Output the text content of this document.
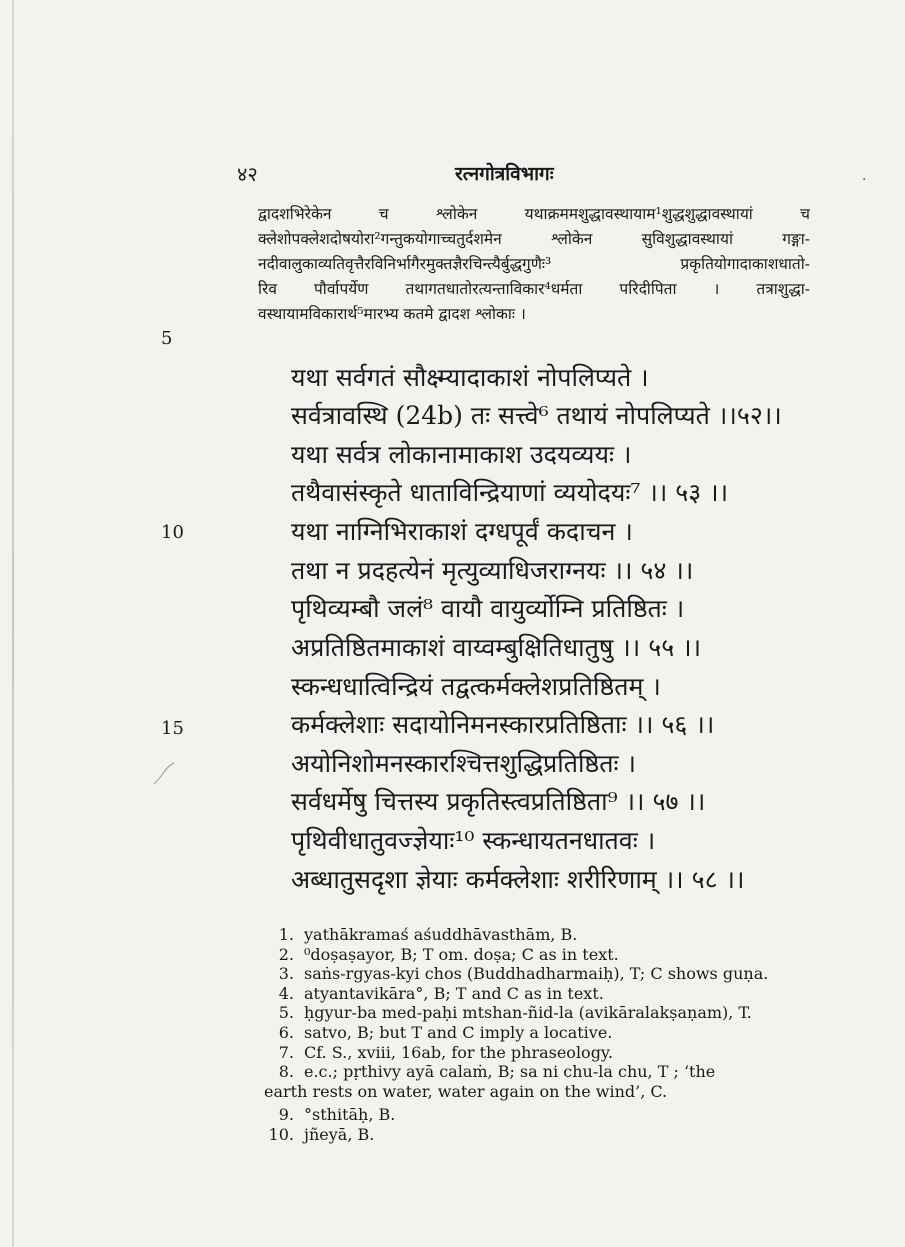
४२	रत्नगोत्रविभागः	·
द्वादशभिरेकेन च श्लोकेन यथाक्रममशुद्धावस्थायाम¹शुद्धशुद्धावस्थायां च
क्लेशोपक्लेशदोषयोरा²गन्तुकयोगाच्चतुर्दशमेन श्लोकेन सुविशुद्धावस्थायां गङ्गा-
नदीवालुकाव्यतिवृत्तैरविनिर्भागैरमुक्तज्ञैरचिन्त्यैर्बुद्धगुणैः³ प्रकृतियोगादाकाशधातो-
रिव पौर्वापर्येण तथागतधातोरत्यन्ताविकार⁴धर्मता परिदीपिता । तत्राशुद्धा-
वस्थायामविकारार्थ⁵मारभ्य कतमे द्वादश श्लोकाः ।
5
10
15
यथा सर्वगतं सौक्ष्म्यादाकाशं नोपलिप्यते ।
सर्वत्रावस्थि (24b) तः सत्त्वे⁶ तथायं नोपलिप्यते ।।५२।।
यथा सर्वत्र लोकानामाकाश उदयव्ययः ।
तथैवासंस्कृते धाताविन्द्रियाणां व्ययोदयः⁷ ।। ५३ ।।
यथा नाग्निभिराकाशं दग्धपूर्वं कदाचन ।
तथा न प्रदहत्येनं मृत्युव्याधिजराग्नयः ।। ५४ ।।
पृथिव्यम्बौ जलं⁸ वायौ वायुर्व्योम्नि प्रतिष्ठितः ।
अप्रतिष्ठितमाकाशं वाय्वम्बुक्षितिधातुषु ।। ५५ ।।
स्कन्धधात्विन्द्रियं तद्वत्कर्मक्लेशप्रतिष्ठितम् ।
कर्मक्लेशाः सदायोनिमनस्कारप्रतिष्ठिताः ।। ५६ ।।
अयोनिशोमनस्कारश्चित्तशुद्धिप्रतिष्ठितः ।
सर्वधर्मेषु चित्तस्य प्रकृतिस्त्वप्रतिष्ठिता⁹ ।। ५७ ।।
पृथिवीधातुवज्ज्ञेयाः¹⁰ स्कन्धायतनधातवः ।
अब्धातुसदृशा ज्ञेयाः कर्मक्लेशाः शरीरिणाम् ।। ५८ ।।
1. yathākramaś aśuddhāvasthām, B.
2. ⁰doṣaṣayor, B; T om. doṣa; C as in text.
3. saṅs-rgyas-kyi chos (Buddhadharmaiḥ), T; C shows guṇa.
4. atyantavikāra°, B; T and C as in text.
5. ḥgyur-ba med-paḥi mtshan-ñid-la (avikāralakṣaṇam), T.
6. satvo, B; but T and C imply a locative.
7. Cf. S., xviii, 16ab, for the phraseology.
8. e.c.; pṛthivy ayā calaṁ, B; sa ni chu-la chu, T ; ‘the
earth rests on water, water again on the wind’, C.
9. °sthitāḥ, B.
10. jñeyā, B.
